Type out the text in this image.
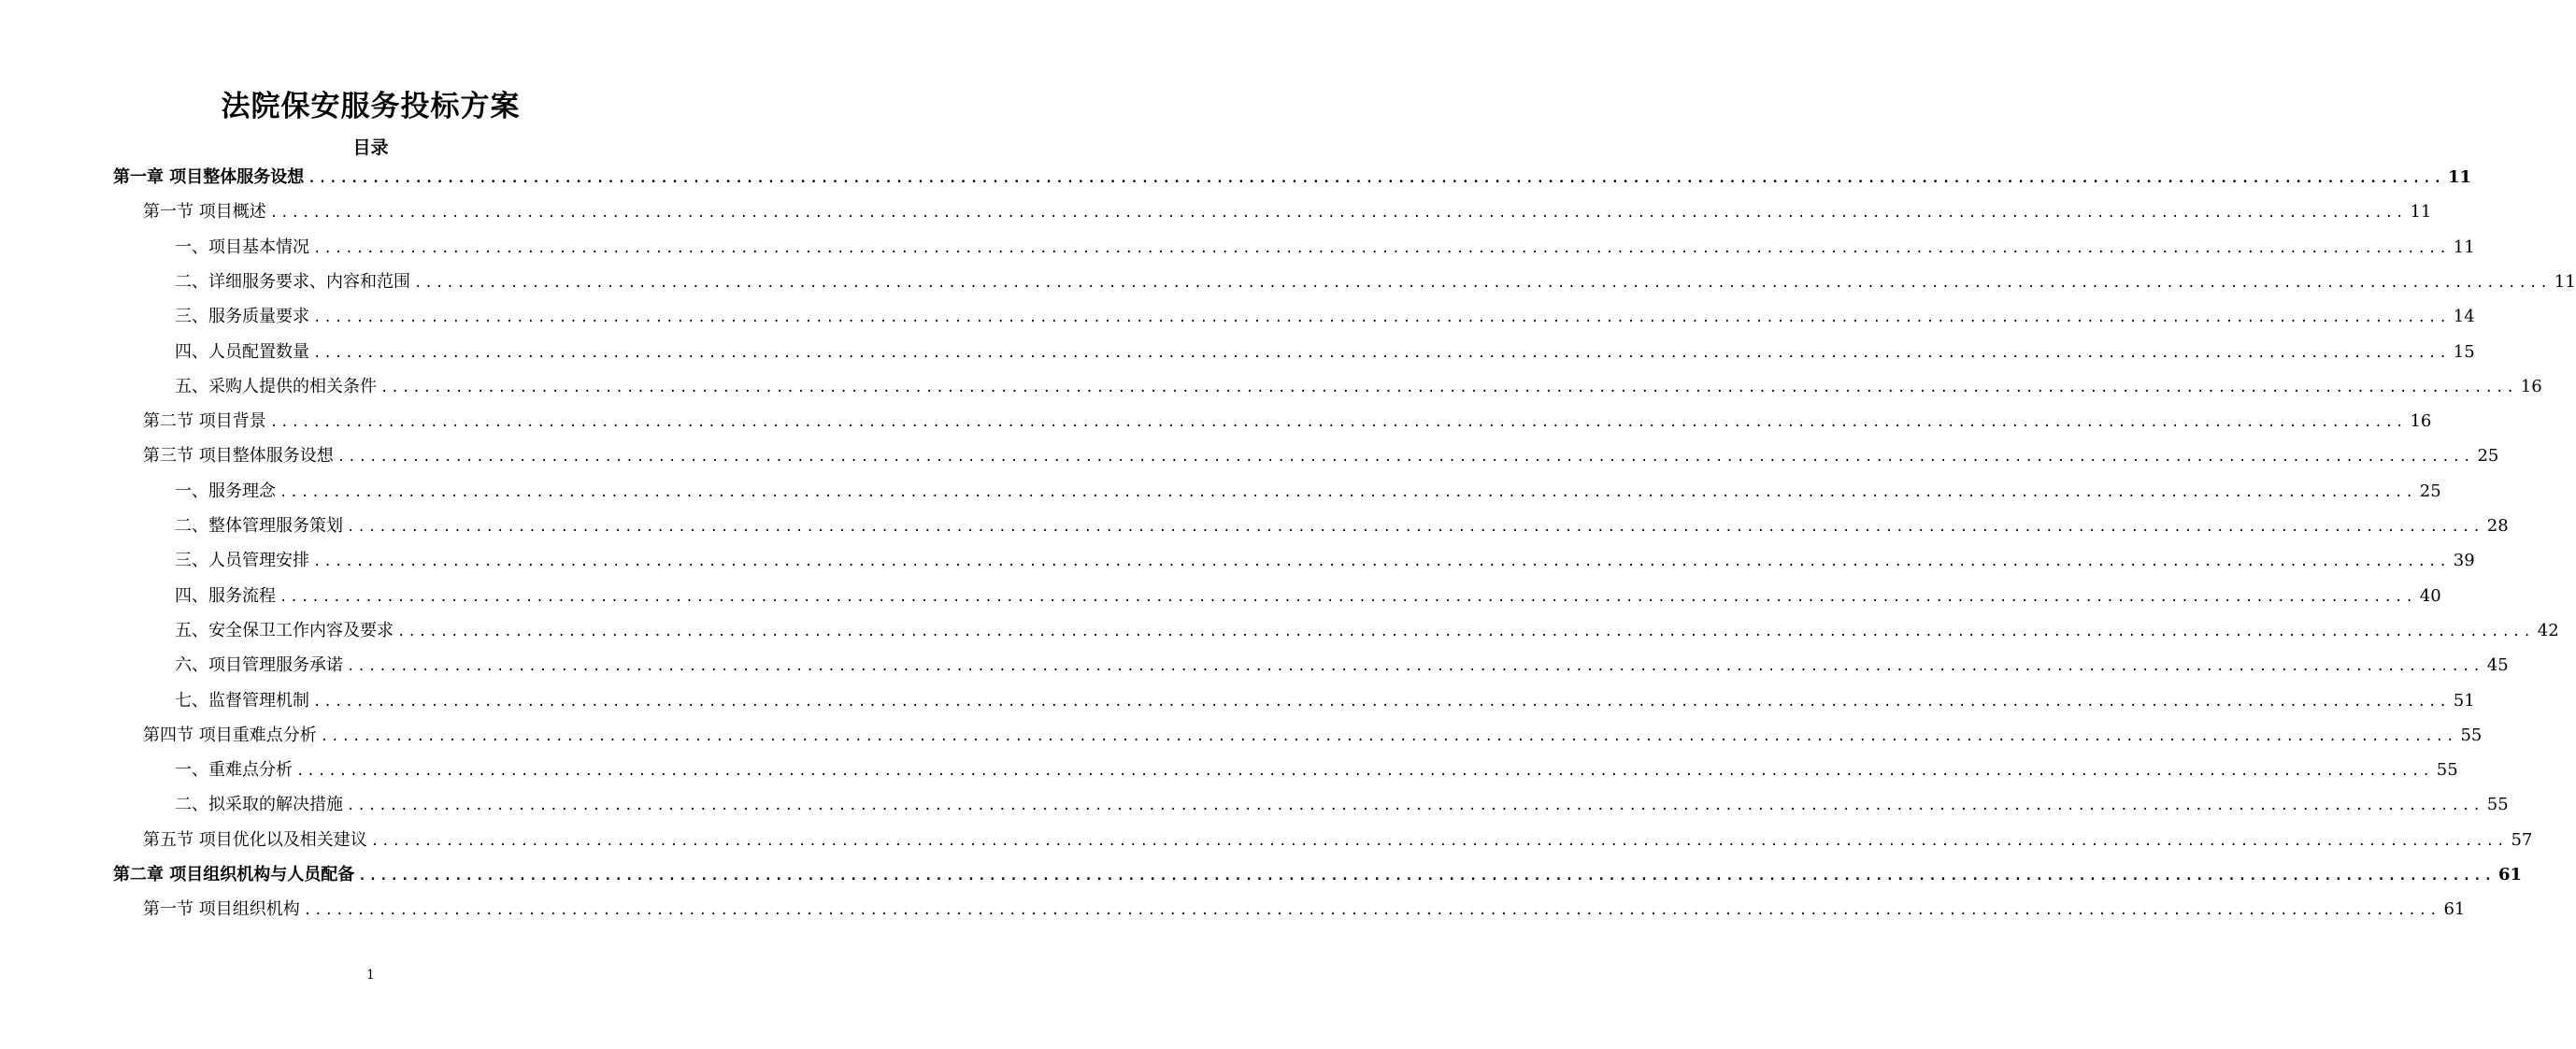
法院保安服务投标方案
目录
第一章 项目整体服务设想 ........................................................................................................................................................................................................ 11
第一节 项目概述 ........................................................................................................................................................................................................ 11
一、项目基本情况 ........................................................................................................................................................................................................ 11
二、详细服务要求、内容和范围 ........................................................................................................................................................................................................ 11
三、服务质量要求 ........................................................................................................................................................................................................ 14
四、人员配置数量 ........................................................................................................................................................................................................ 15
五、采购人提供的相关条件 ........................................................................................................................................................................................................ 16
第二节 项目背景 ........................................................................................................................................................................................................ 16
第三节 项目整体服务设想 ........................................................................................................................................................................................................ 25
一、服务理念 ........................................................................................................................................................................................................ 25
二、整体管理服务策划 ........................................................................................................................................................................................................ 28
三、人员管理安排 ........................................................................................................................................................................................................ 39
四、服务流程 ........................................................................................................................................................................................................ 40
五、安全保卫工作内容及要求 ........................................................................................................................................................................................................ 42
六、项目管理服务承诺 ........................................................................................................................................................................................................ 45
七、监督管理机制 ........................................................................................................................................................................................................ 51
第四节 项目重难点分析 ........................................................................................................................................................................................................ 55
一、重难点分析 ........................................................................................................................................................................................................ 55
二、拟采取的解决措施 ........................................................................................................................................................................................................ 55
第五节 项目优化以及相关建议 ........................................................................................................................................................................................................ 57
第二章 项目组织机构与人员配备 ........................................................................................................................................................................................................ 61
第一节 项目组织机构 ........................................................................................................................................................................................................ 61
1
